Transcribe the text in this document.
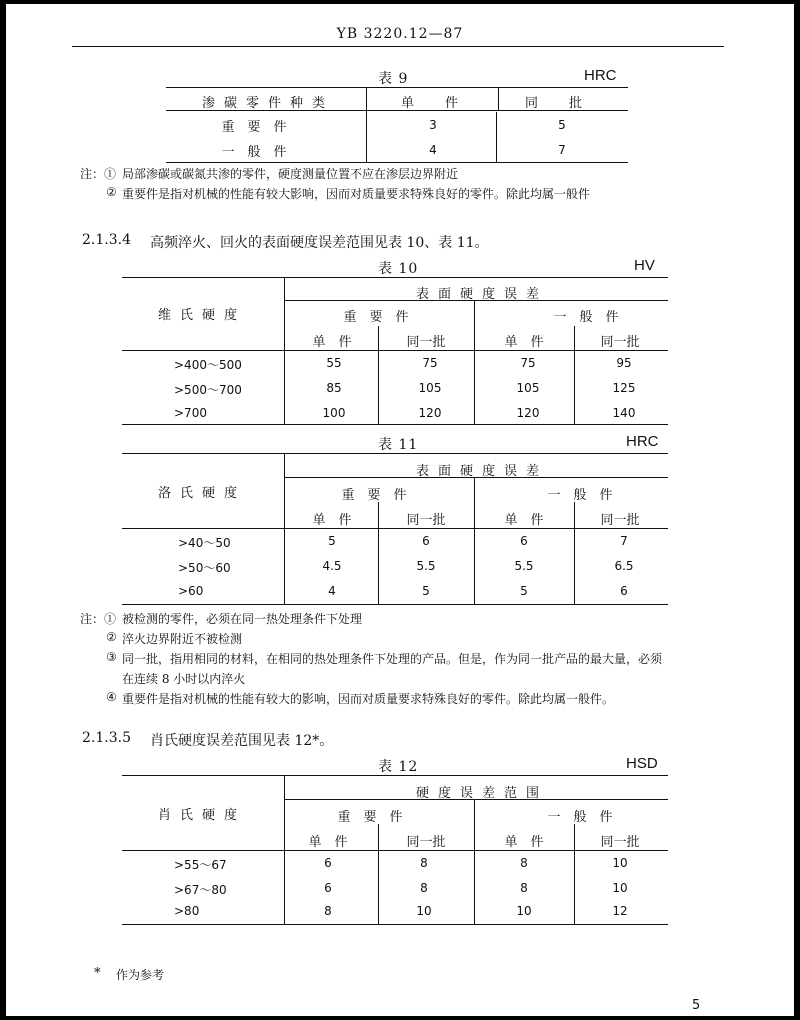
YB 3220.12—87
表 9	HRC
渗碳零件种类	单　件	同　批
重　要　件	3	5
一　般　件	4	7
注：① 局部渗碳或碳氮共渗的零件，硬度测量位置不应在渗层边界附近
② 重要件是指对机械的性能有较大影响，因而对质量要求特殊良好的零件。除此均属一般件
2.1.3.4 高频淬火、回火的表面硬度误差范围见表 10、表 11。
表 10	HV
维氏硬度
表面硬度误差
重　要　件	一　般　件
单　件	同一批	单　件	同一批
>400～500	55	75	75	95
>500～700	85	105	105	125
>700	100	120	120	140
表 11	HRC
洛氏硬度
表面硬度误差
重　要　件	一　般　件
单　件	同一批	单　件	同一批
>40～50	5	6	6	7
>50～60	4.5	5.5	5.5	6.5
>60	4	5	5	6
注：① 被检测的零件，必须在同一热处理条件下处理
② 淬火边界附近不被检测
③ 同一批，指用相同的材料，在相同的热处理条件下处理的产品。但是，作为同一批产品的最大量，必须
在连续 8 小时以内淬火
④ 重要件是指对机械的性能有较大的影响，因而对质量要求特殊良好的零件。除此均属一般件。
2.1.3.5 肖氏硬度误差范围见表 12*。
表 12	HSD
肖氏硬度
硬度误差范围
重　要　件	一　般　件
单　件	同一批	单　件	同一批
>55～67	6	8	8	10
>67～80	6	8	8	10
>80	8	10	10	12
* 作为参考
5
